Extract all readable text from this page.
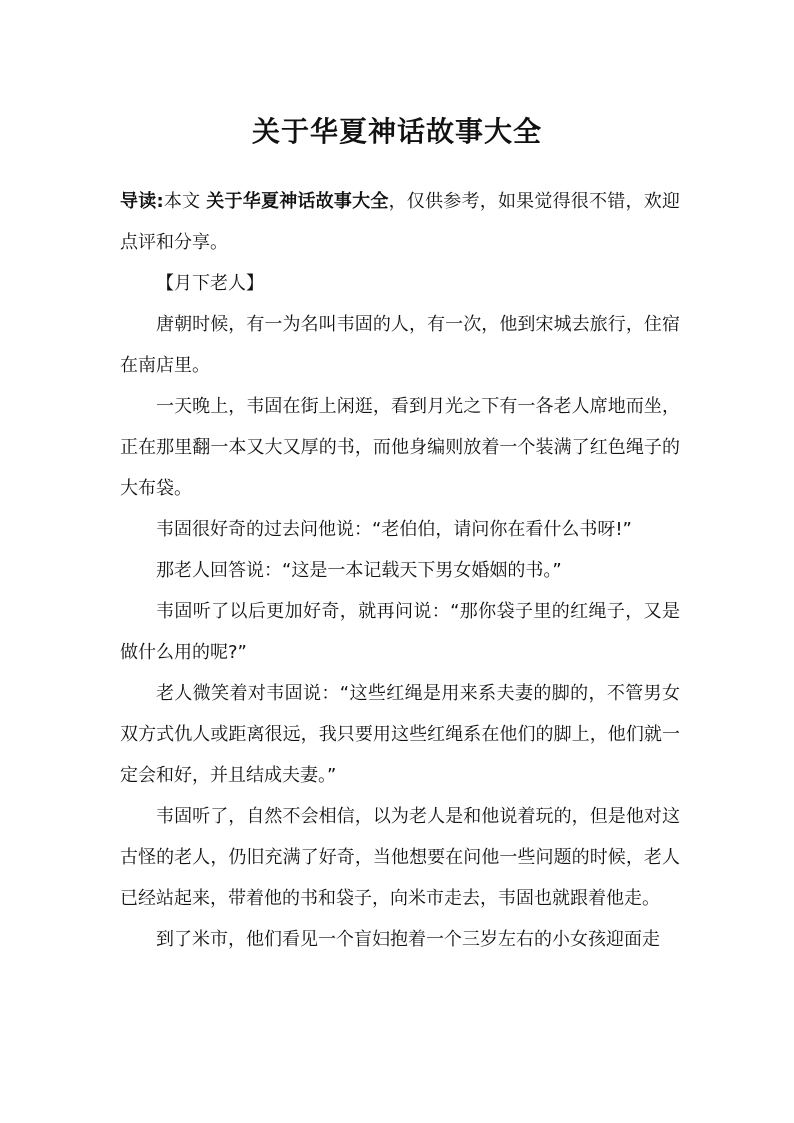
关于华夏神话故事大全

导读:本文 关于华夏神话故事大全，仅供参考，如果觉得很不错，欢迎点评和分享。

【月下老人】

唐朝时候，有一为名叫韦固的人，有一次，他到宋城去旅行，住宿在南店里。

一天晚上，韦固在街上闲逛，看到月光之下有一各老人席地而坐，正在那里翻一本又大又厚的书，而他身编则放着一个装满了红色绳子的大布袋。

韦固很好奇的过去问他说：“老伯伯，请问你在看什么书呀!”

那老人回答说：“这是一本记载天下男女婚姻的书。”

韦固听了以后更加好奇，就再问说：“那你袋子里的红绳子，又是做什么用的呢?”

老人微笑着对韦固说：“这些红绳是用来系夫妻的脚的，不管男女双方式仇人或距离很远，我只要用这些红绳系在他们的脚上，他们就一定会和好，并且结成夫妻。”

韦固听了，自然不会相信，以为老人是和他说着玩的，但是他对这古怪的老人，仍旧充满了好奇，当他想要在问他一些问题的时候，老人已经站起来，带着他的书和袋子，向米市走去，韦固也就跟着他走。

到了米市，他们看见一个盲妇抱着一个三岁左右的小女孩迎面走
